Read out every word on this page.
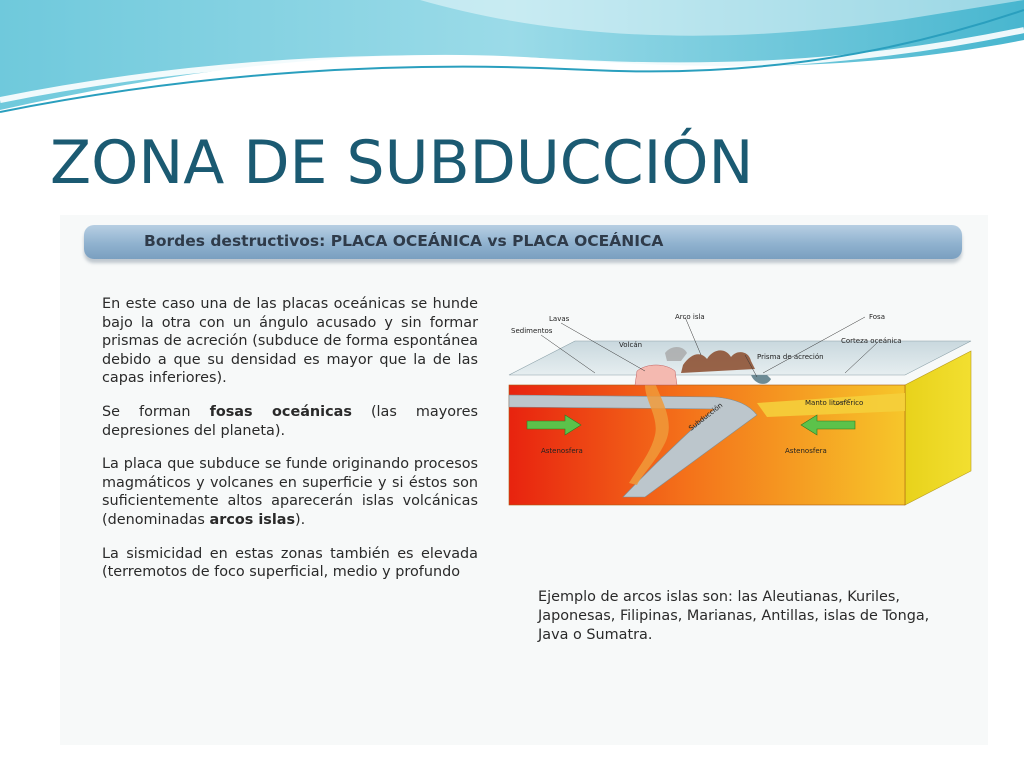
ZONA DE SUBDUCCIÓN
Bordes destructivos: PLACA OCEÁNICA vs PLACA OCEÁNICA

En este caso una de las placas oceánicas se hunde bajo la otra con un ángulo acusado y sin formar prismas de acreción (subduce de forma espontánea debido a que su densidad es mayor que la de las capas inferiores).

Se forman fosas oceánicas (las mayores depresiones del planeta).

La placa que subduce se funde originando procesos magmáticos y volcanes en superficie y si éstos son suficientemente altos aparecerán islas volcánicas (denominadas arcos islas).

La sismicidad en estas zonas también es elevada (terremotos de foco superficial, medio y profundo

Lavas
Sedimentos
Volcán
Arco isla	Fosa
Corteza oceánica
Prisma de acreción
Manto litosférico
Astenosfera	Astenosfera
Subducción
Ejemplo de arcos islas son: las Aleutianas, Kuriles, Japonesas, Filipinas, Marianas, Antillas, islas de Tonga, Java o Sumatra.
